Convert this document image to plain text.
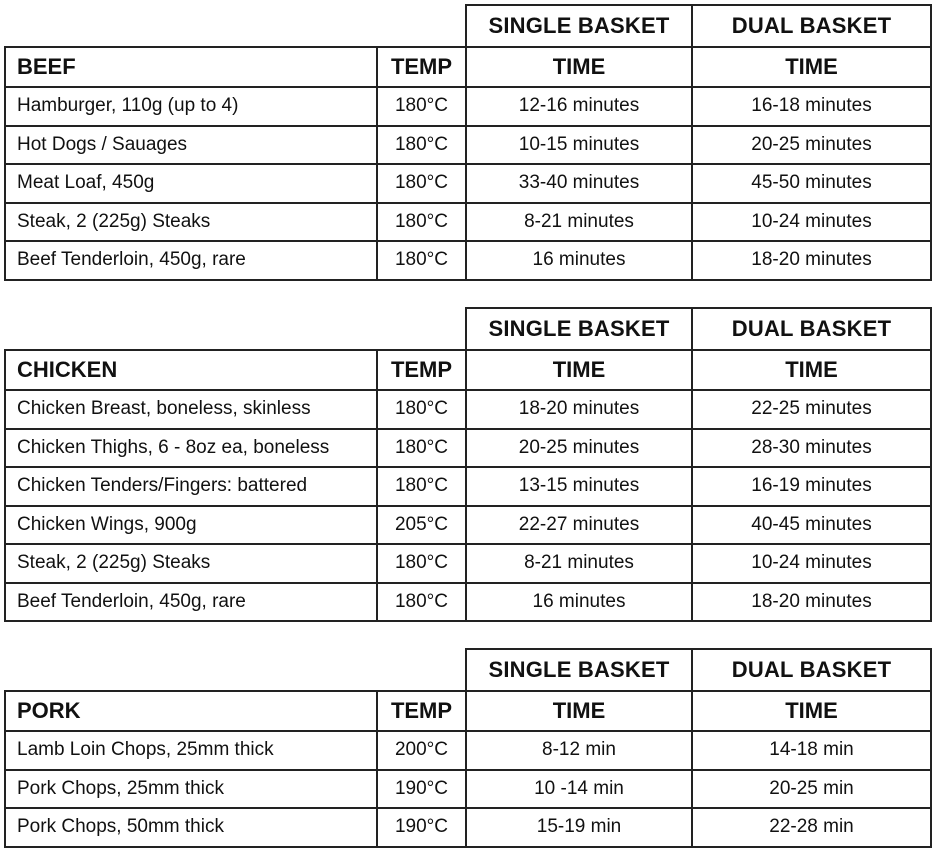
		SINGLE BASKET	DUAL BASKET
BEEF	TEMP	TIME	TIME
Hamburger, 110g (up to 4)	180°C	12-16 minutes	16-18 minutes
Hot Dogs / Sauages	180°C	10-15 minutes	20-25 minutes
Meat Loaf, 450g	180°C	33-40 minutes	45-50 minutes
Steak, 2 (225g) Steaks	180°C	8-21 minutes	10-24 minutes
Beef Tenderloin, 450g, rare	180°C	16 minutes	18-20 minutes
		SINGLE BASKET	DUAL BASKET
CHICKEN	TEMP	TIME	TIME
Chicken Breast, boneless, skinless	180°C	18-20 minutes	22-25 minutes
Chicken Thighs, 6 - 8oz ea, boneless	180°C	20-25 minutes	28-30 minutes
Chicken Tenders/Fingers: battered	180°C	13-15 minutes	16-19 minutes
Chicken Wings, 900g	205°C	22-27 minutes	40-45 minutes
Steak, 2 (225g) Steaks	180°C	8-21 minutes	10-24 minutes
Beef Tenderloin, 450g, rare	180°C	16 minutes	18-20 minutes
		SINGLE BASKET	DUAL BASKET
PORK	TEMP	TIME	TIME
Lamb Loin Chops, 25mm thick	200°C	8-12 min	14-18 min
Pork Chops, 25mm thick	190°C	10 -14 min	20-25 min
Pork Chops, 50mm thick	190°C	15-19 min	22-28 min
